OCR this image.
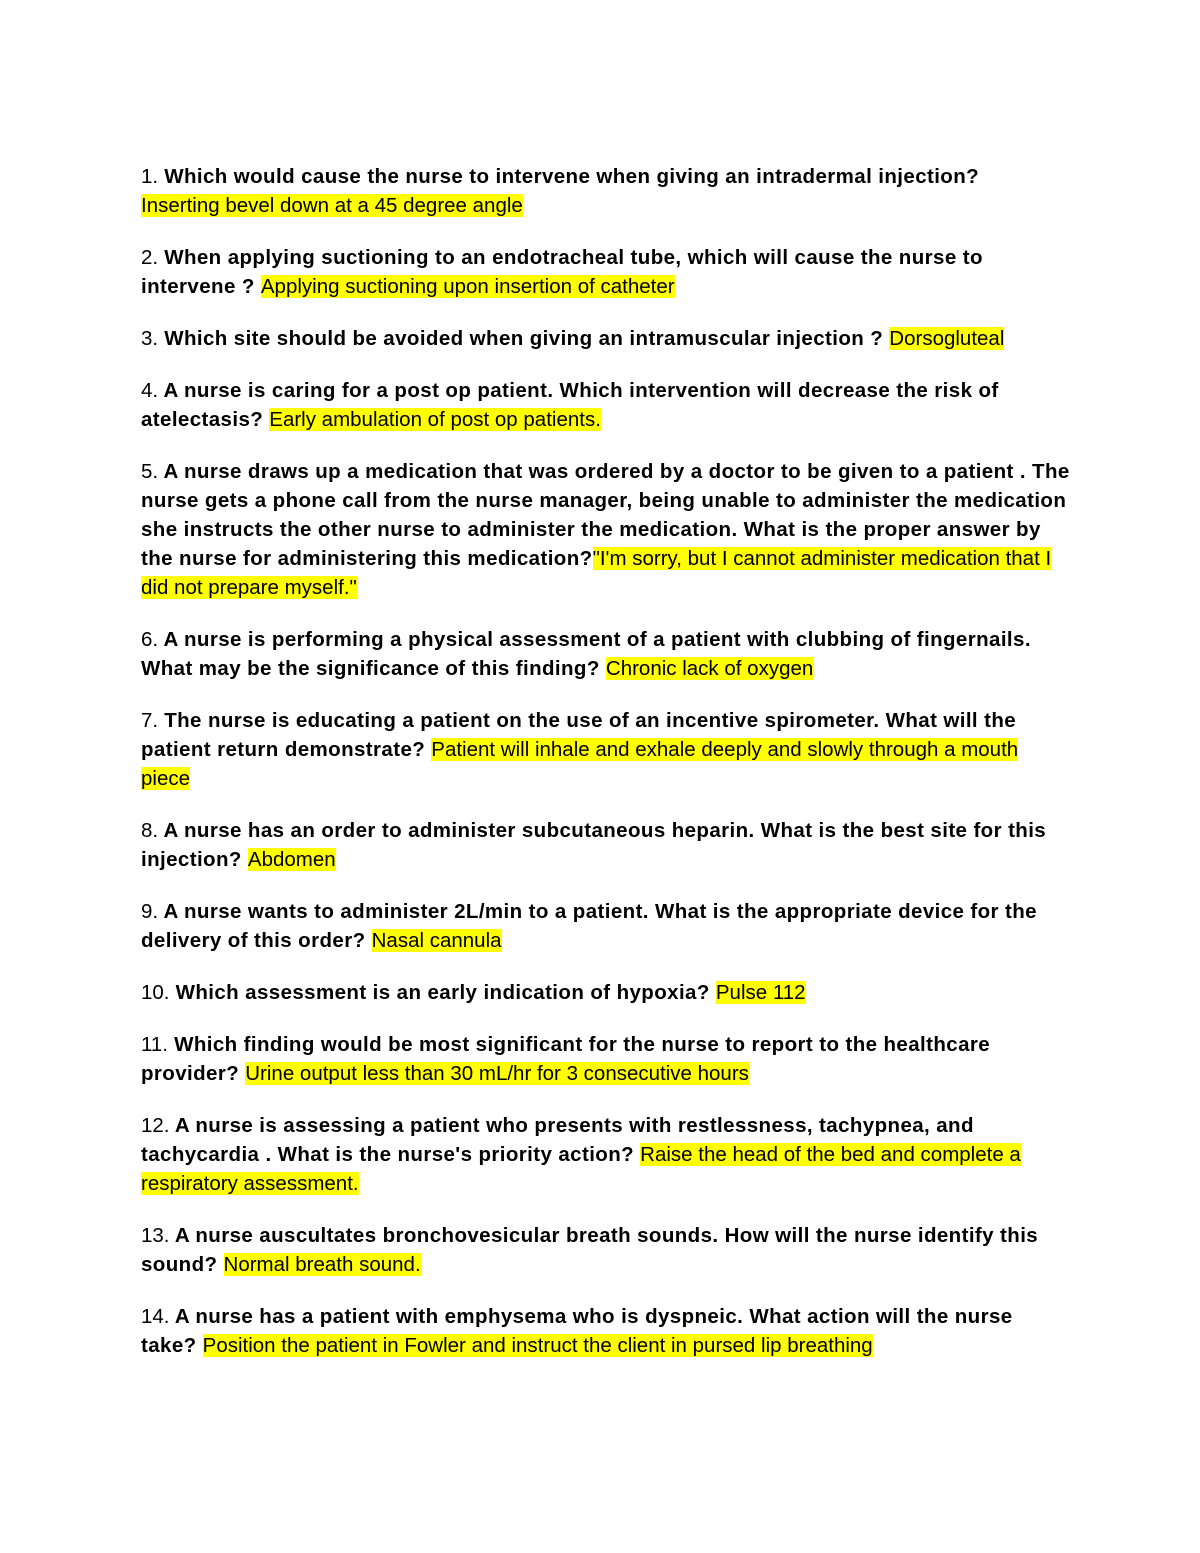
1. Which would cause the nurse to intervene when giving an intradermal injection?
Inserting bevel down at a 45 degree angle

2. When applying suctioning to an endotracheal tube, which will cause the nurse to intervene ? Applying suctioning upon insertion of catheter

3. Which site should be avoided when giving an intramuscular injection ? Dorsogluteal

4. A nurse is caring for a post op patient. Which intervention will decrease the risk of atelectasis? Early ambulation of post op patients.

5. A nurse draws up a medication that was ordered by a doctor to be given to a patient . The nurse gets a phone call from the nurse manager, being unable to administer the medication she instructs the other nurse to administer the medication. What is the proper answer by the nurse for administering this medication?"I'm sorry, but I cannot administer medication that I did not prepare myself."

6. A nurse is performing a physical assessment of a patient with clubbing of fingernails. What may be the significance of this finding? Chronic lack of oxygen

7. The nurse is educating a patient on the use of an incentive spirometer. What will the patient return demonstrate? Patient will inhale and exhale deeply and slowly through a mouth piece

8. A nurse has an order to administer subcutaneous heparin. What is the best site for this injection? Abdomen

9. A nurse wants to administer 2L/min to a patient. What is the appropriate device for the delivery of this order? Nasal cannula

10. Which assessment is an early indication of hypoxia? Pulse 112

11. Which finding would be most significant for the nurse to report to the healthcare provider? Urine output less than 30 mL/hr for 3 consecutive hours

12. A nurse is assessing a patient who presents with restlessness, tachypnea, and tachycardia . What is the nurse's priority action? Raise the head of the bed and complete a respiratory assessment.

13. A nurse auscultates bronchovesicular breath sounds. How will the nurse identify this sound? Normal breath sound.

14. A nurse has a patient with emphysema who is dyspneic. What action will the nurse take? Position the patient in Fowler and instruct the client in pursed lip breathing
